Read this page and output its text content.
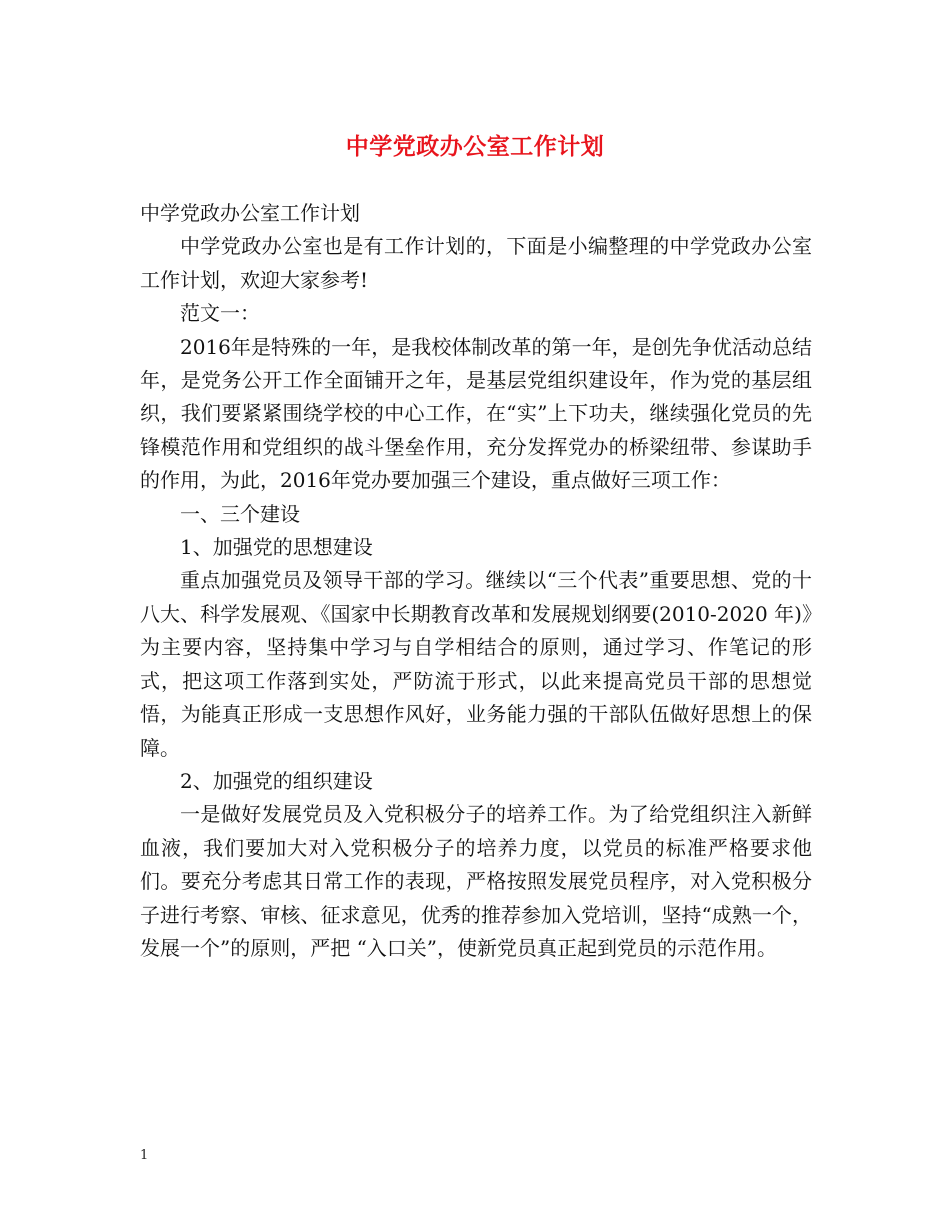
中学党政办公室工作计划

中学党政办公室工作计划

中学党政办公室也是有工作计划的，下面是小编整理的中学党政办公室工作计划，欢迎大家参考!

范文一：

2016年是特殊的一年，是我校体制改革的第一年，是创先争优活动总结年，是党务公开工作全面铺开之年，是基层党组织建设年，作为党的基层组织，我们要紧紧围绕学校的中心工作，在“实”上下功夫，继续强化党员的先锋模范作用和党组织的战斗堡垒作用，充分发挥党办的桥梁纽带、参谋助手的作用，为此，2016年党办要加强三个建设，重点做好三项工作：

一、三个建设

1、加强党的思想建设

重点加强党员及领导干部的学习。继续以“三个代表”重要思想、党的十八大、科学发展观、《国家中长期教育改革和发展规划纲要(2010-2020 年)》为主要内容，坚持集中学习与自学相结合的原则，通过学习、作笔记的形式，把这项工作落到实处，严防流于形式，以此来提高党员干部的思想觉悟，为能真正形成一支思想作风好，业务能力强的干部队伍做好思想上的保障。

2、加强党的组织建设

一是做好发展党员及入党积极分子的培养工作。为了给党组织注入新鲜血液，我们要加大对入党积极分子的培养力度，以党员的标准严格要求他们。要充分考虑其日常工作的表现，严格按照发展党员程序，对入党积极分子进行考察、审核、征求意见，优秀的推荐参加入党培训，坚持“成熟一个，发展一个”的原则，严把 “入口关”，使新党员真正起到党员的示范作用。

1
